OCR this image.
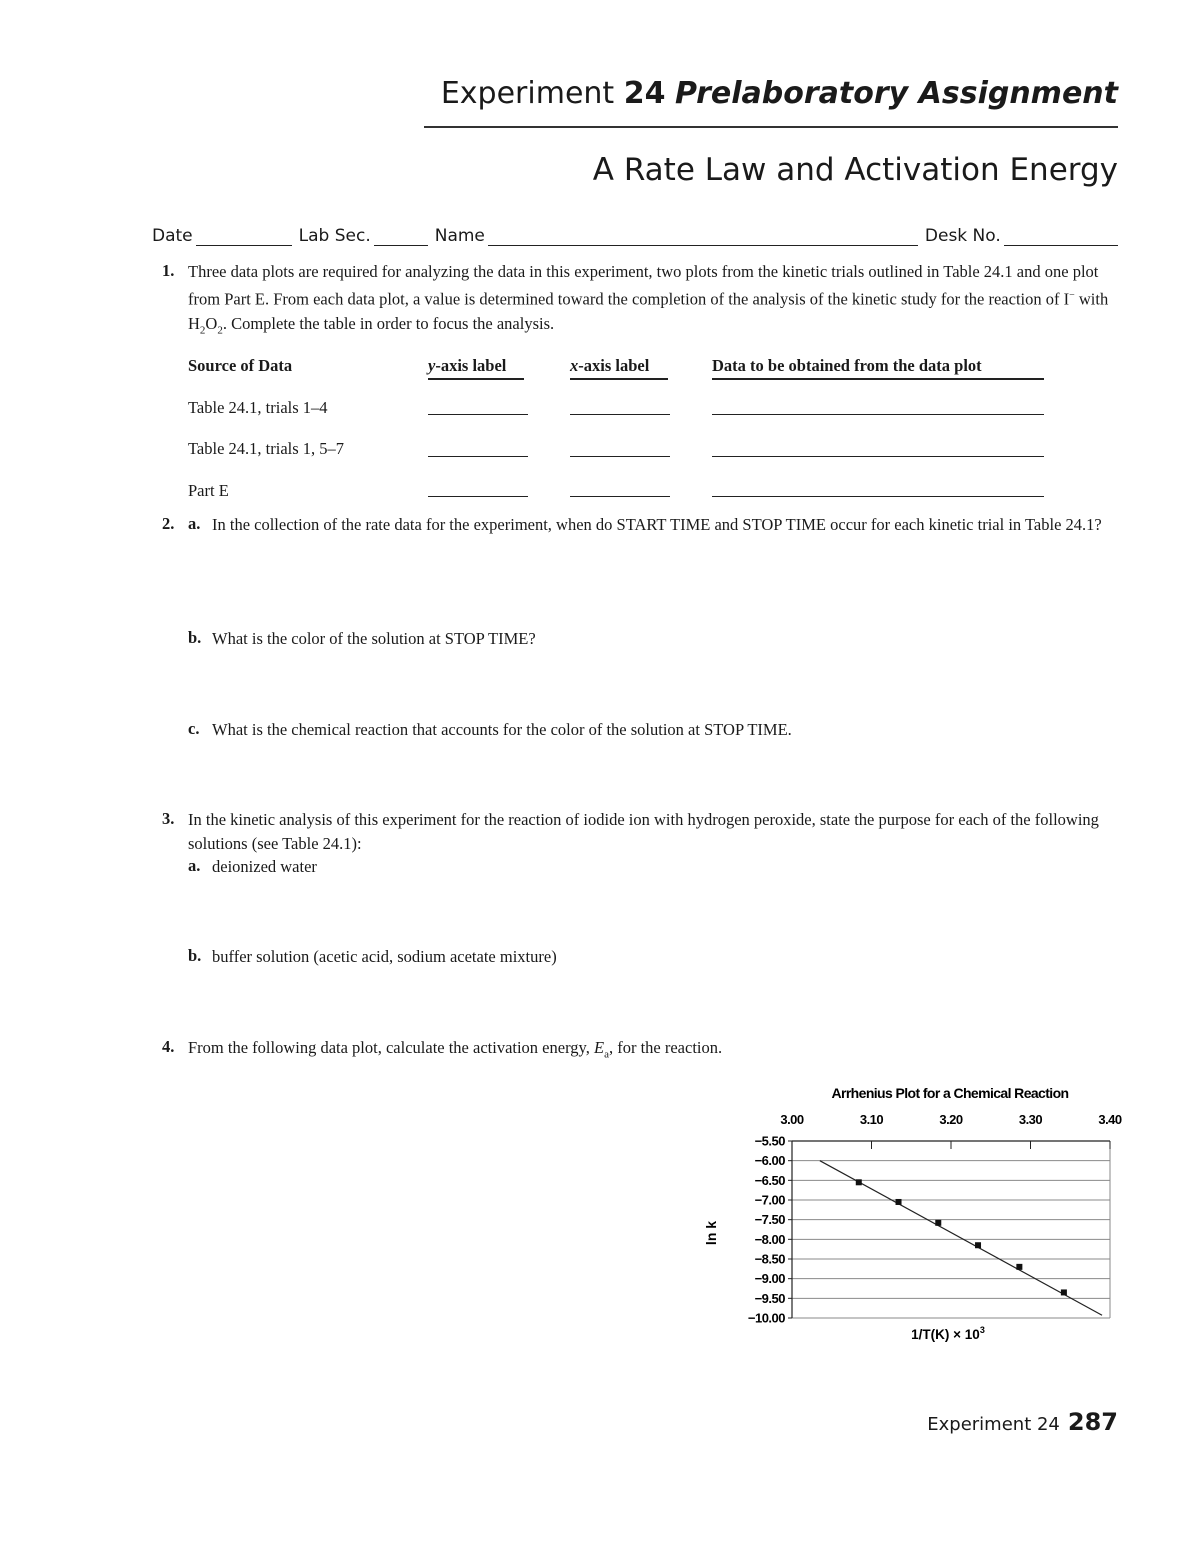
Experiment 24 Prelaboratory Assignment
A Rate Law and Activation Energy
Date	Lab Sec.	Name	Desk No.
1. Three data plots are required for analyzing the data in this experiment, two plots from the kinetic trials outlined in Table 24.1 and one plot from Part E. From each data plot, a value is determined toward the completion of the analysis of the kinetic study for the reaction of I− with $H_2O_2$. Complete the table in order to focus the analysis.
Source of Data	y-axis label	x-axis label	Data to be obtained from the data plot
Table 24.1, trials 1–4
Table 24.1, trials 1, 5–7
Part E
2. a. In the collection of the rate data for the experiment, when do START TIME and STOP TIME occur for each kinetic trial in Table 24.1?
b. What is the color of the solution at STOP TIME?
c. What is the chemical reaction that accounts for the color of the solution at STOP TIME.
3. In the kinetic analysis of this experiment for the reaction of iodide ion with hydrogen peroxide, state the purpose for each of the following solutions (see Table 24.1):
a. deionized water
b. buffer solution (acetic acid, sodium acetate mixture)
4. From the following data plot, calculate the activation energy, $E_a$, for the reaction.
Arrhenius Plot for a Chemical Reaction
3.00	3.10	3.20	3.30	3.40
−5.50
−6.00
−6.50
−7.00
−7.50
−8.00
−8.50
−9.00
−9.50
−10.00
ln k
$1/T(K) \times 10^3$
Experiment 24 287
